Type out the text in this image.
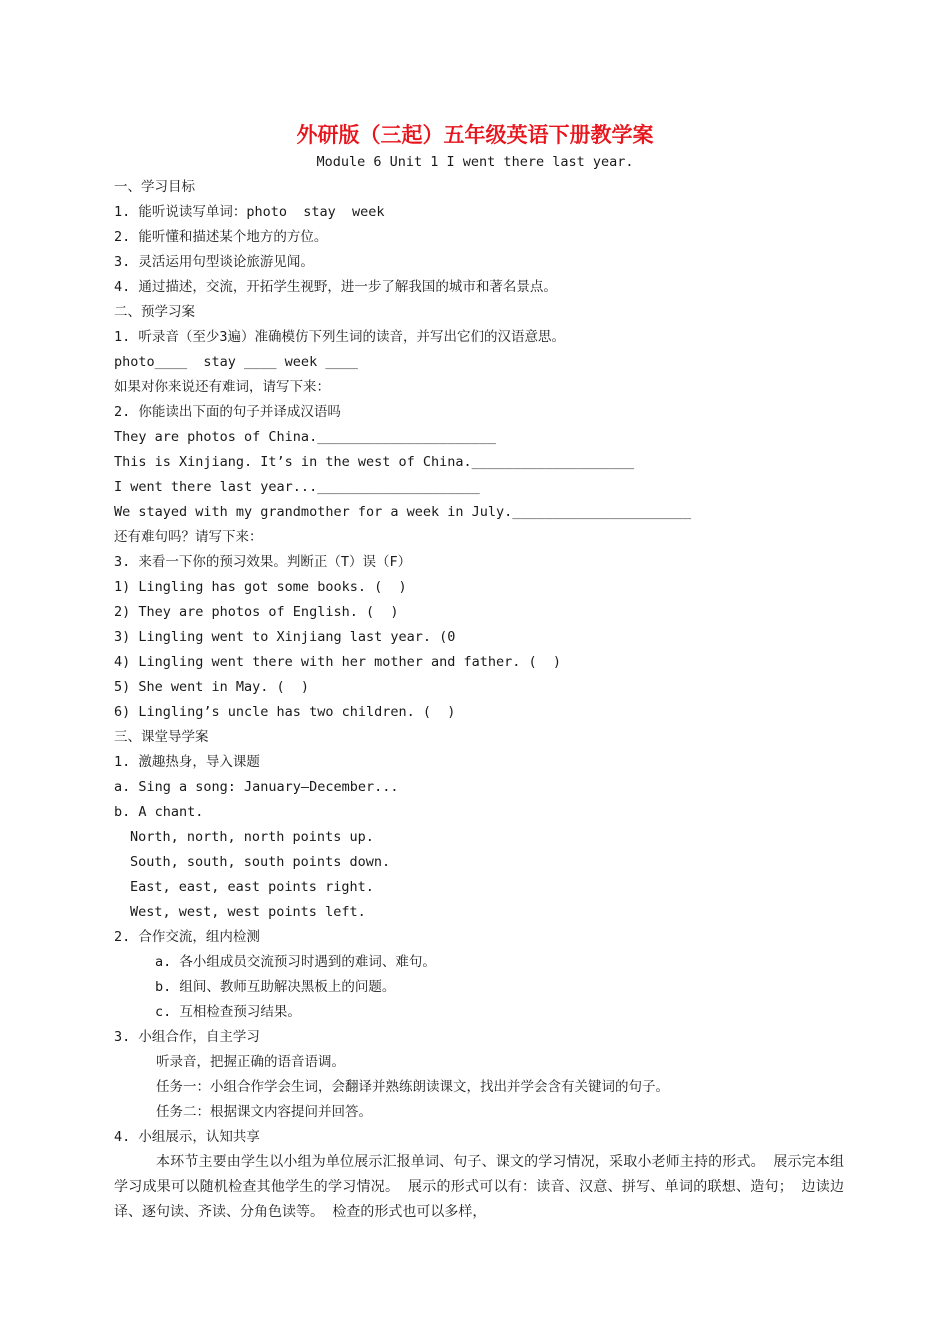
外研版（三起）五年级英语下册教学案
Module 6 Unit 1 I went there last year.
一、学习目标
1. 能听说读写单词：photo  stay  week
2. 能听懂和描述某个地方的方位。
3. 灵活运用句型谈论旅游见闻。
4. 通过描述，交流，开拓学生视野，进一步了解我国的城市和著名景点。
二、预学习案
1. 听录音（至少3遍）准确模仿下列生词的读音，并写出它们的汉语意思。
photo____  stay ____ week ____
如果对你来说还有难词，请写下来：
2. 你能读出下面的句子并译成汉语吗
They are photos of China.______________________
This is Xinjiang. It’s in the west of China.____________________
I went there last year...____________________
We stayed with my grandmother for a week in July.______________________
还有难句吗？请写下来：
3. 来看一下你的预习效果。判断正（T）误（F）
1) Lingling has got some books. (  )
2) They are photos of English. (  )
3) Lingling went to Xinjiang last year. (0
4) Lingling went there with her mother and father. (  )
5) She went in May. (  )
6) Lingling’s uncle has two children. (  )
三、课堂导学案
1. 激趣热身，导入课题
a. Sing a song: January—December...
b. A chant.
North, north, north points up.
South, south, south points down.
East, east, east points right.
West, west, west points left.
2. 合作交流，组内检测
a. 各小组成员交流预习时遇到的难词、难句。
b. 组间、教师互助解决黑板上的问题。
c. 互相检查预习结果。
3. 小组合作，自主学习
听录音，把握正确的语音语调。
任务一：小组合作学会生词，会翻译并熟练朗读课文，找出并学会含有关键词的句子。
任务二：根据课文内容提问并回答。
4. 小组展示，认知共享

本环节主要由学生以小组为单位展示汇报单词、句子、课文的学习情况，采取小老师主持的形式。 展示完本组学习成果可以随机检查其他学生的学习情况。 展示的形式可以有：读音、汉意、拼写、单词的联想、造句； 边读边译、逐句读、齐读、分角色读等。 检查的形式也可以多样，
